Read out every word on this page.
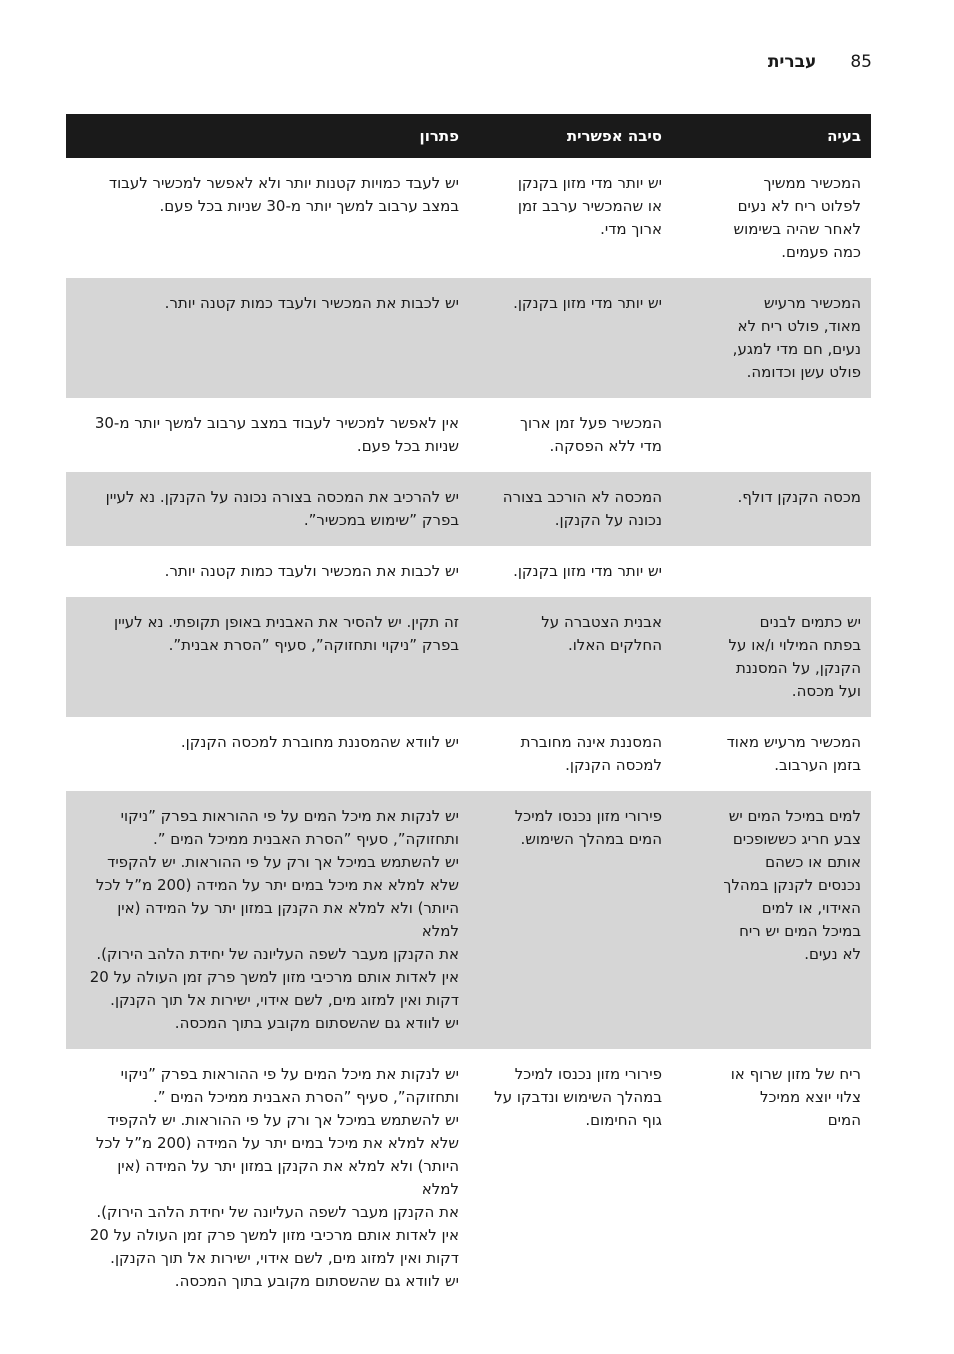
85
עברית
בעיה
סיבה אפשרית
פתרון
המכשיר ממשיך
לפלוט ריח לא נעים
לאחר שהיה בשימוש
כמה פעמים.
יש יותר מדי מזון בקנקן
או שהמכשיר ערבב זמן
ארוך מדי.
יש לעבד כמויות קטנות יותר ולא לאפשר למכשיר לעבוד
במצב ערבוב למשך יותר מ-30 שניות בכל פעם.
המכשיר מרעיש
מאוד, פולט ריח לא
נעים, חם מדי למגע,
פולט עשן וכדומה.
יש יותר מדי מזון בקנקן.
יש לכבות את המכשיר ולעבד כמות קטנה יותר.
המכשיר פעל זמן ארוך
מדי ללא הפסקה.
אין לאפשר למכשיר לעבוד במצב ערבוב למשך יותר מ-30
שניות בכל פעם.
מכסה הקנקן דולף.
המכסה לא הורכב בצורה
נכונה על הקנקן.
יש להרכיב את המכסה בצורה נכונה על הקנקן. נא לעיין
בפרק ”שימוש במכשיר”.
יש יותר מדי מזון בקנקן.
יש לכבות את המכשיר ולעבד כמות קטנה יותר.
יש כתמים לבנים
בפתח המילוי ו/או על
הקנקן, על המסננת
ועל מכסה.
אבנית הצטברה על
החלקים האלו.
זה תקין. יש להסיר את האבנית באופן תקופתי. נא לעיין
בפרק ”ניקוי ותחזוקה”, סעיף ”הסרת אבנית”.
המכשיר מרעיש מאוד
בזמן הערבוב.
המסננת אינה מחוברת
למכסה הקנקן.
יש לוודא שהמסננת מחוברת למכסה הקנקן.
למים במיכל המים יש
צבע חריג כששופכים
אותם או כשהם
נכנסים לקנקן במהלך
האידוי, או למים
במיכל המים יש ריח
לא נעים.
פירורי מזון נכנסו למיכל
המים במהלך השימוש.
יש לנקות את מיכל המים על פי ההוראות בפרק ”ניקוי
ותחזוקה”, סעיף ”הסרת האבנית ממיכל המים ”.
יש להשתמש במיכל אך ורק על פי ההוראות. יש להקפיד
שלא למלא את מיכל במים יתר על המידה (200 מ”ל לכל
היותר) ולא למלא את הקנקן במזון יתר על המידה (אין למלא
את הקנקן מעבר לשפה העליונה של יחידת הלהב הירוק).
אין לאדות אותם מרכיבי מזון למשך פרק זמן העולה על 20
דקות ואין למזוג מים, לשם אידוי, ישירות אל תוך הקנקן.
יש לוודא גם שהשסתום מקובע בתוך המכסה.
ריח של מזון שרוף או
צלוי יוצא ממיכל
המים
פירורי מזון נכנסו למיכל
במהלך השימוש ונדבקו על
גוף החימום.
יש לנקות את מיכל המים על פי ההוראות בפרק ”ניקוי
ותחזוקה”, סעיף ”הסרת האבנית ממיכל המים ”.
יש להשתמש במיכל אך ורק על פי ההוראות. יש להקפיד
שלא למלא את מיכל במים יתר על המידה (200 מ”ל לכל
היותר) ולא למלא את הקנקן במזון יתר על המידה (אין למלא
את הקנקן מעבר לשפה העליונה של יחידת הלהב הירוק).
אין לאדות אותם מרכיבי מזון למשך פרק זמן העולה על 20
דקות ואין למזוג מים, לשם אידוי, ישירות אל תוך הקנקן.
יש לוודא גם שהשסתום מקובע בתוך המכסה.
